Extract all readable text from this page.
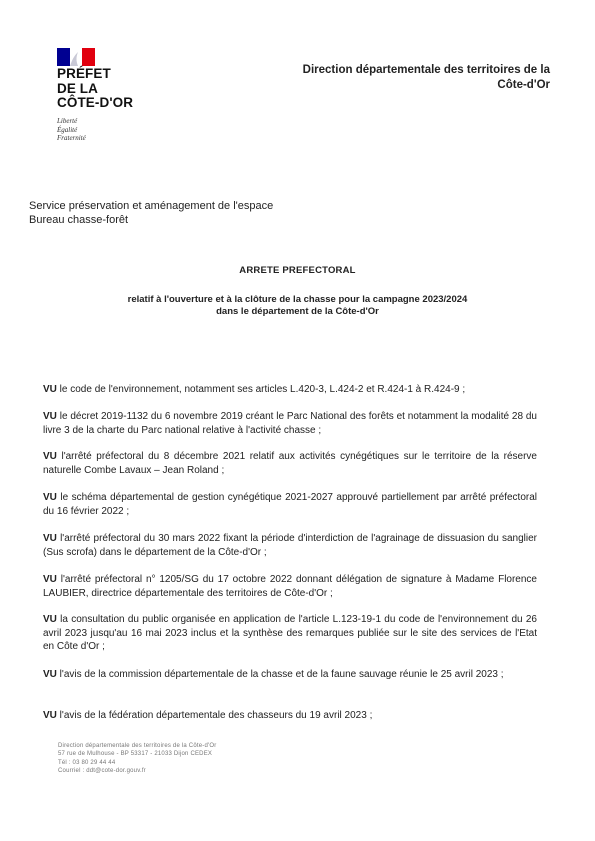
PRÉFET
DE LA
CÔTE-D'OR
Liberté
Égalité
Fraternité
Direction départementale des territoires de la
Côte-d'Or
Service préservation et aménagement de l'espace
Bureau chasse-forêt
ARRETE PREFECTORAL
relatif à l'ouverture et à la clôture de la chasse pour la campagne 2023/2024
dans le département de la Côte-d'Or
VU le code de l'environnement, notamment ses articles L.420-3, L.424-2 et R.424-1 à R.424-9 ;
VU le décret 2019-1132 du 6 novembre 2019 créant le Parc National des forêts et notamment la modalité 28 du livre 3 de la charte du Parc national relative à l'activité chasse ;
VU l'arrêté préfectoral du 8 décembre 2021 relatif aux activités cynégétiques sur le territoire de la réserve naturelle Combe Lavaux – Jean Roland ;
VU le schéma départemental de gestion cynégétique 2021-2027 approuvé partiellement par arrêté préfectoral du 16 février 2022 ;
VU l'arrêté préfectoral du 30 mars 2022 fixant la période d'interdiction de l'agrainage de dissuasion du sanglier (Sus scrofa) dans le département de la Côte-d'Or ;
VU l'arrêté préfectoral n° 1205/SG du 17 octobre 2022 donnant délégation de signature à Madame Florence LAUBIER, directrice départementale des territoires de Côte-d'Or ;
VU la consultation du public organisée en application de l'article L.123-19-1 du code de l'environnement du 26 avril 2023 jusqu'au 16 mai 2023 inclus et la synthèse des remarques publiée sur le site des services de l'Etat en Côte d'Or ;
VU l'avis de la commission départementale de la chasse et de la faune sauvage réunie le 25 avril 2023 ;
VU l'avis de la fédération départementale des chasseurs du 19 avril 2023 ;
Direction départementale des territoires de la Côte-d'Or
57 rue de Mulhouse - BP 53317 - 21033 Dijon CEDEX
Tél : 03 80 29 44 44
Courriel : ddt@cote-dor.gouv.fr
